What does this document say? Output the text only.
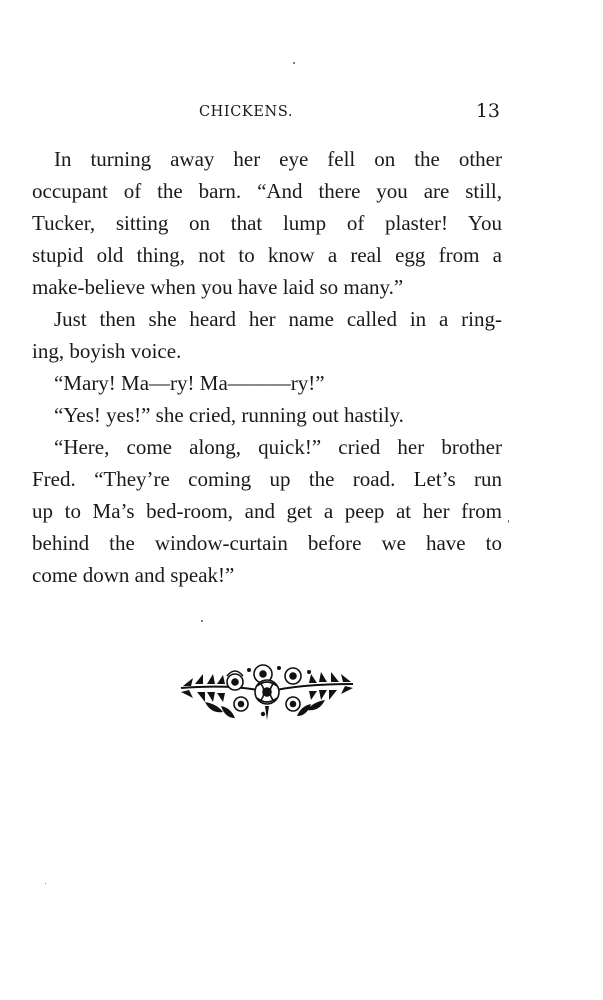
CHICKENS.	13
In turning away her eye fell on the other
occupant of the barn. “And there you are still,
Tucker, sitting on that lump of plaster! You
stupid old thing, not to know a real egg from a
make-believe when you have laid so many.”
Just then she heard her name called in a ring-
ing, boyish voice.
“Mary! Ma—ry! Ma———ry!”
“Yes! yes!” she cried, running out hastily.
“Here, come along, quick!” cried her brother
Fred. “They’re coming up the road. Let’s run
up to Ma’s bed-room, and get a peep at her from
behind the window-curtain before we have to
come down and speak!”
